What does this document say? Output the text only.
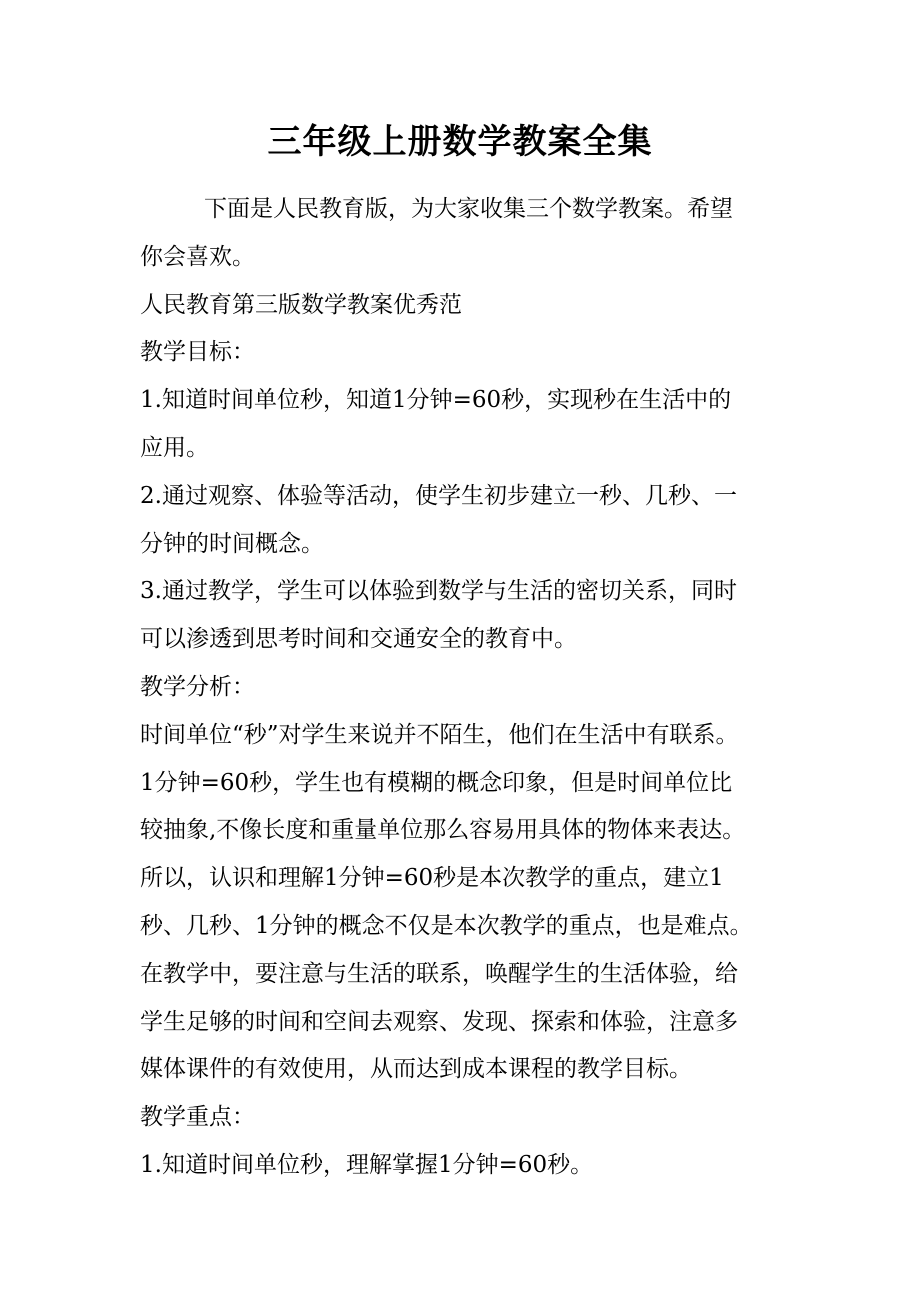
三年级上册数学教案全集
下面是人民教育版，为大家收集三个数学教案。希望
你会喜欢。
人民教育第三版数学教案优秀范
教学目标：
1.知道时间单位秒，知道1分钟=60秒，实现秒在生活中的
应用。
2.通过观察、体验等活动，使学生初步建立一秒、几秒、一
分钟的时间概念。
3.通过教学，学生可以体验到数学与生活的密切关系，同时
可以渗透到思考时间和交通安全的教育中。
教学分析：
时间单位“秒”对学生来说并不陌生，他们在生活中有联系。
1分钟=60秒，学生也有模糊的概念印象，但是时间单位比
较抽象,不像长度和重量单位那么容易用具体的物体来表达。
所以，认识和理解1分钟=60秒是本次教学的重点，建立1
秒、几秒、1分钟的概念不仅是本次教学的重点，也是难点。
在教学中，要注意与生活的联系，唤醒学生的生活体验，给
学生足够的时间和空间去观察、发现、探索和体验，注意多
媒体课件的有效使用，从而达到成本课程的教学目标。
教学重点：
1.知道时间单位秒，理解掌握1分钟=60秒。
